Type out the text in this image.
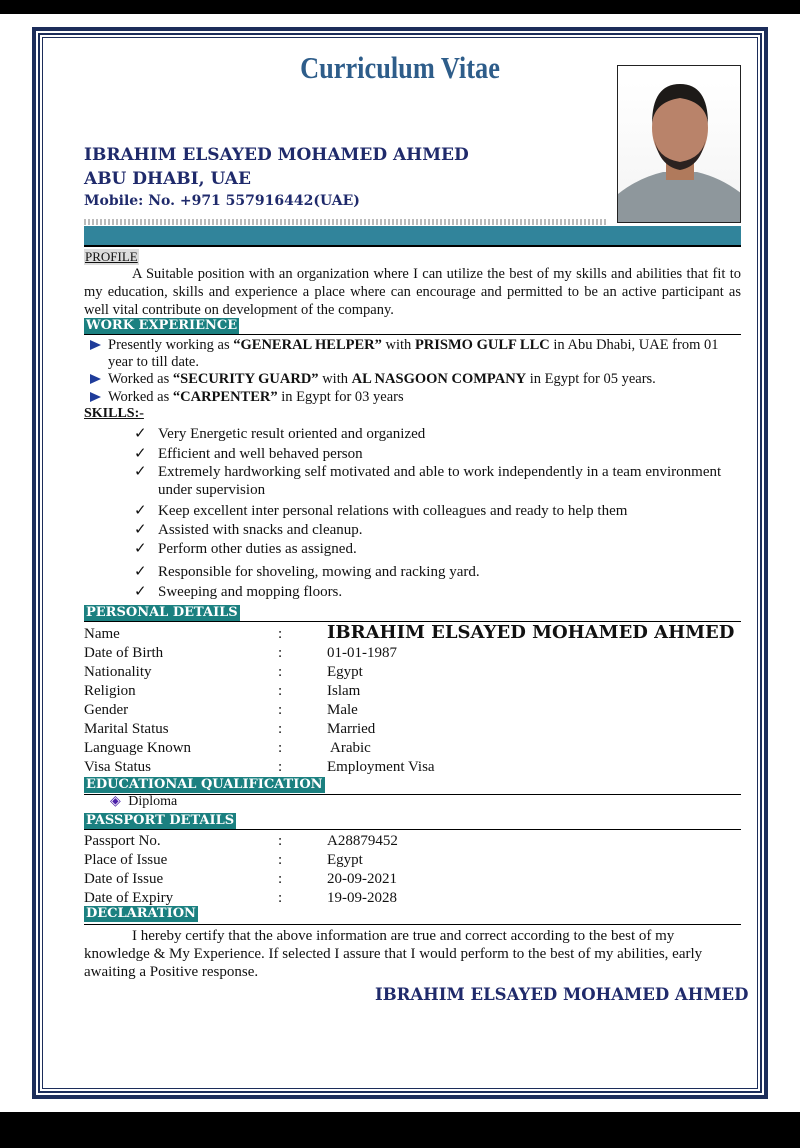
Curriculum Vitae
IBRAHIM ELSAYED MOHAMED AHMED
ABU DHABI, UAE
Mobile: No. +971 557916442(UAE)
PROFILE
A Suitable position with an organization where I can utilize the best of my skills and abilities that fit to my education, skills and experience a place where can encourage and permitted to be an active participant as well vital contribute on development of the company.
WORK EXPERIENCE
SKILLS:-
PERSONAL DETAILS
EDUCATIONAL QUALIFICATION
◈ Diploma
PASSPORT DETAILS
DECLARATION
I hereby certify that the above information are true and correct according to the best of my knowledge & My Experience. If selected I assure that I would perform to the best of my abilities, early awaiting a Positive response.
IBRAHIM ELSAYED MOHAMED AHMED
Presently working as “GENERAL HELPER” with PRISMO GULF LLC in Abu Dhabi, UAE from 01 year to till date.
Worked as “SECURITY GUARD” with AL NASGOON COMPANY in Egypt for 05 years.
Worked as “CARPENTER” in Egypt for 03 years
✓ Very Energetic result oriented and organized
✓ Efficient and well behaved person
✓ Extremely hardworking self motivated and able to work independently in a team environment under supervision
✓ Keep excellent inter personal relations with colleagues and ready to help them
✓ Assisted with snacks and cleanup.
✓ Perform other duties as assigned.
✓ Responsible for shoveling, mowing and racking yard.
✓ Sweeping and mopping floors.
Name	: IBRAHIM ELSAYED MOHAMED AHMED
Date of Birth	:	01-01-1987
Nationality	:	Egypt
Religion	:	Islam
Gender	:	Male
Marital Status	:	Married
Language Known	:	Arabic
Visa Status	:	Employment Visa
Passport No.	:	A28879452
Place of Issue	:	Egypt
Date of Issue	:	20-09-2021
Date of Expiry	:	19-09-2028
